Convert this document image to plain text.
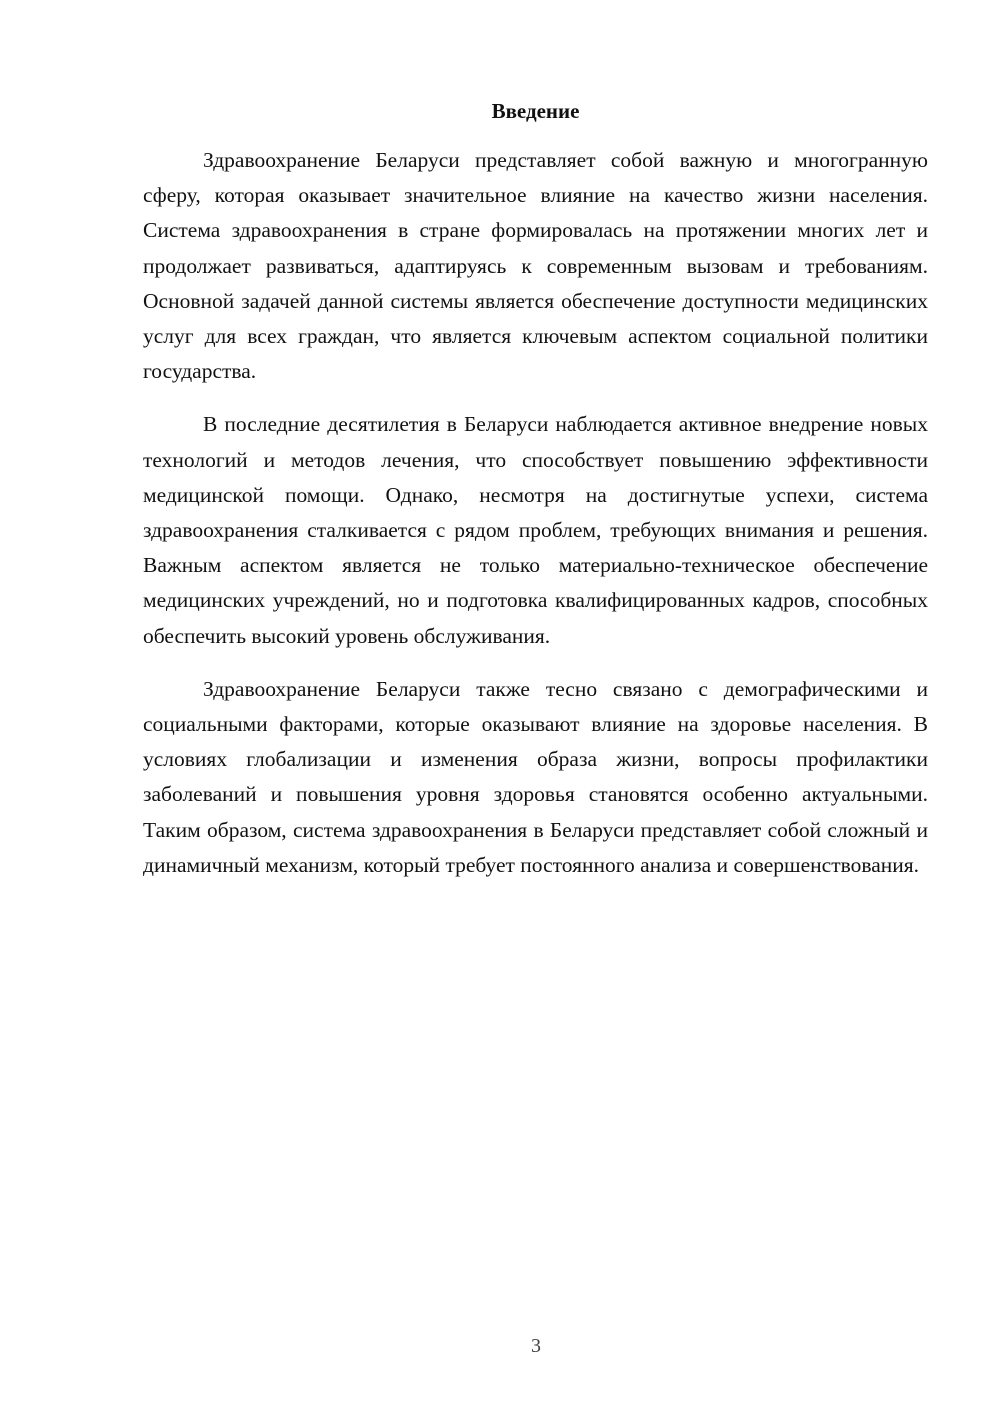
Введение

Здравоохранение Беларуси представляет собой важную и многогранную сферу, которая оказывает значительное влияние на качество жизни населения. Система здравоохранения в стране формировалась на протяжении многих лет и продолжает развиваться, адаптируясь к современным вызовам и требованиям. Основной задачей данной системы является обеспечение доступности медицинских услуг для всех граждан, что является ключевым аспектом социальной политики государства.

В последние десятилетия в Беларуси наблюдается активное внедрение новых технологий и методов лечения, что способствует повышению эффективности медицинской помощи. Однако, несмотря на достигнутые успехи, система здравоохранения сталкивается с рядом проблем, требующих внимания и решения. Важным аспектом является не только материально-техническое обеспечение медицинских учреждений, но и подготовка квалифицированных кадров, способных обеспечить высокий уровень обслуживания.

Здравоохранение Беларуси также тесно связано с демографическими и социальными факторами, которые оказывают влияние на здоровье населения. В условиях глобализации и изменения образа жизни, вопросы профилактики заболеваний и повышения уровня здоровья становятся особенно актуальными. Таким образом, система здравоохранения в Беларуси представляет собой сложный и динамичный механизм, который требует постоянного анализа и совершенствования.

3
